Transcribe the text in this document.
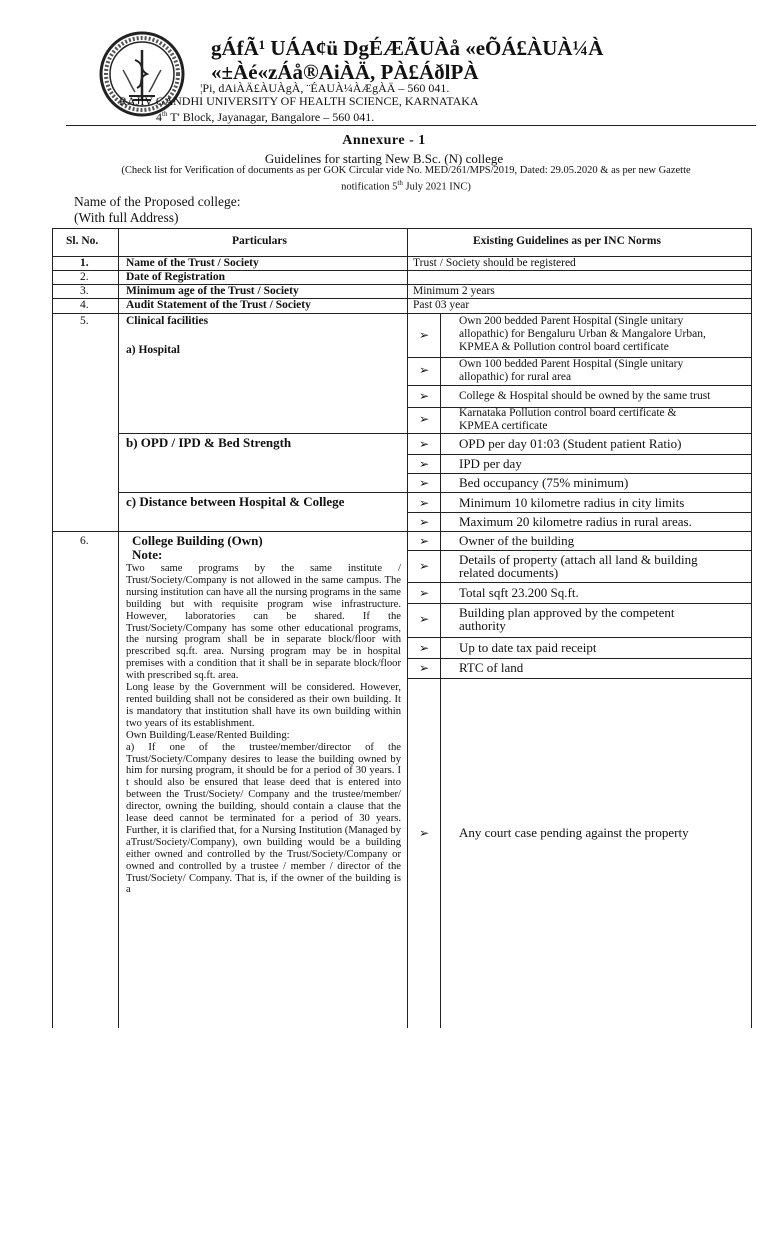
gÁfÃ¹ UÁA¢ü DgÉÆÃUÀå «eÕÁ£ÀUÀ¼À
«±Àé«zÁå®AiÀÄ, PÀ£ÁðlPÀ
¦Pi, dAiÀÄ£ÀUÀgÀ, ¨ÉAUÀ¼ÀÆgÀÄ – 560 041.
RAJIV GANDHI UNIVERSITY OF HEALTH SCIENCE, KARNATAKA
4th T' Block, Jayanagar, Bangalore – 560 041.
Annexure - 1
Guidelines for starting New B.Sc. (N) college
(Check list for Verification of documents as per GOK Circular vide No. MED/261/MPS/2019, Dated: 29.05.2020 & as per new Gazette
notification 5th July 2021 INC)
Name of the Proposed college:
(With full Address)
Sl. No.	Particulars	Existing Guidelines as per INC Norms
1.	Name of the Trust / Society	Trust / Society should be registered
2.	Date of Registration
3.	Minimum age of the Trust / Society	Minimum 2 years
4.	Audit Statement of the Trust / Society	Past 03 year
5.	Clinical facilities
a) Hospital
➢
Own 200 bedded Parent Hospital (Single unitary
allopathic) for Bengaluru Urban & Mangalore Urban,
KPMEA & Pollution control board certificate
➢	Own 100 bedded Parent Hospital (Single unitary
allopathic) for rural area
➢	College & Hospital should be owned by the same trust
➢	Karnataka Pollution control board certificate &
KPMEA certificate
b) OPD / IPD & Bed Strength	➢	OPD per day 01:03 (Student patient Ratio)
➢	IPD per day
➢	Bed occupancy (75% minimum)
c) Distance between Hospital & College	➢	Minimum 10 kilometre radius in city limits
➢	Maximum 20 kilometre radius in rural areas.
6.	College Building (Own)
Note:

Two same programs by the same institute / Trust/Society/Company is not allowed in the same campus. The nursing institution can have all the nursing programs in the same building but with requisite program wise infrastructure. However, laboratories can be shared. If the Trust/Society/Company has some other educational programs, the nursing program shall be in separate block/floor with prescribed sq.ft. area. Nursing program may be in hospital premises with a condition that it shall be in separate block/floor with prescribed sq.ft. area.

Long lease by the Government will be considered. However, rented building shall not be considered as their own building. It is mandatory that institution shall have its own building within two years of its establishment.

Own Building/Lease/Rented Building:

a) If one of the trustee/member/director of the Trust/Society/Company desires to lease the building owned by him for nursing program, it should be for a period of 30 years. I t should also be ensured that lease deed that is entered into between the Trust/Society/ Company and the trustee/member/ director, owning the building, should contain a clause that the lease deed cannot be terminated for a period of 30 years. Further, it is clarified that, for a Nursing Institution (Managed by aTrust/Society/Company), own building would be a building either owned and controlled by the Trust/Society/Company or owned and controlled by a trustee / member / director of the Trust/Society/ Company. That is, if the owner of the building is a

➢	Owner of the building
➢	Details of property (attach all land & building
related documents)
➢	Total sqft 23.200 Sq.ft.
➢	Building plan approved by the competent
authority
➢	Up to date tax paid receipt
➢	RTC of land
➢	Any court case pending against the property
